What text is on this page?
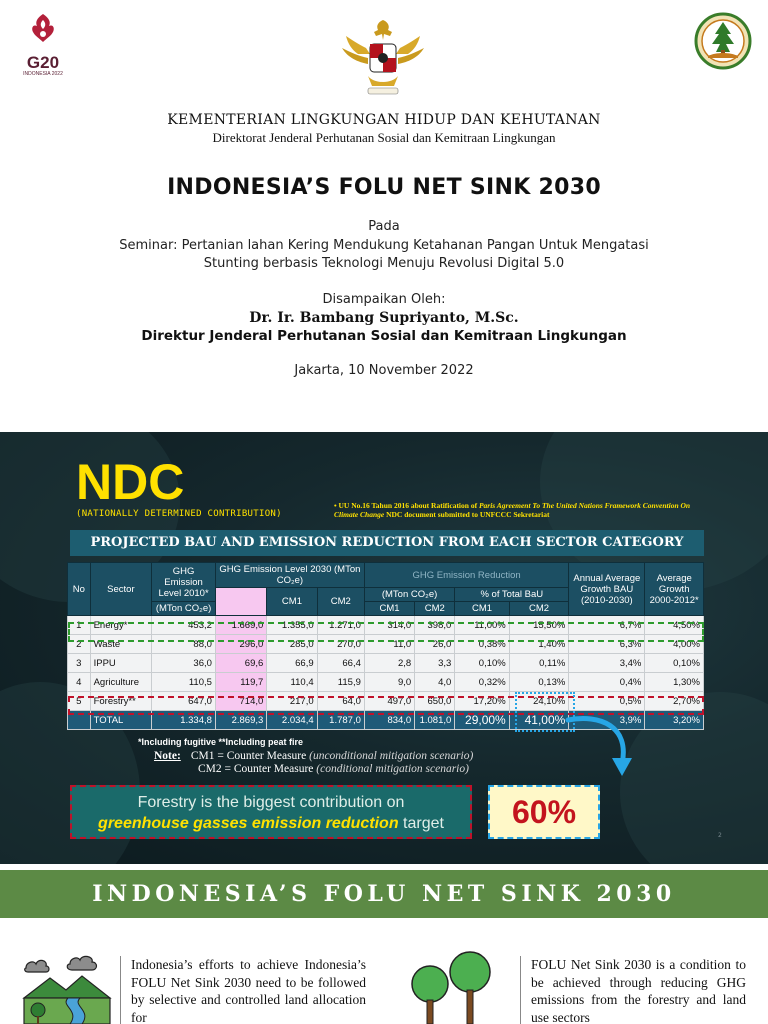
G20
INDONESIA 2022
KEMENTERIAN LINGKUNGAN HIDUP DAN KEHUTANAN
Direktorat Jenderal Perhutanan Sosial dan Kemitraan Lingkungan
INDONESIA’S FOLU NET SINK 2030
Pada
Seminar: Pertanian lahan Kering Mendukung Ketahanan Pangan Untuk Mengatasi
Stunting berbasis Teknologi Menuju Revolusi Digital 5.0
Disampaikan Oleh:
Dr. Ir. Bambang Supriyanto, M.Sc.
Direktur Jenderal Perhutanan Sosial dan Kemitraan Lingkungan
Jakarta, 10 November 2022
NDC
(NATIONALLY DETERMINED CONTRIBUTION)
• UU No.16 Tahun 2016 about Ratification of Paris Agreement To The United Nations Framework Convention On Climate Change NDC document submitted to UNFCCC Sekretariat
PROJECTED BAU AND EMISSION REDUCTION FROM EACH SECTOR CATEGORY
No	Sector	GHG Emission Level 2010*	GHG Emission Level 2030 (MTon CO₂e)			GHG Emission Reduction				Annual Average Growth BAU (2010-2030)	Average Growth 2000-2012*
			BaU	CM1	CM2	(MTon CO₂e)		% of Total BaU			
		(MTon CO₂e)				CM1	CM2	CM1	CM2		
1	Energy*	453,2	1.669,0	1.355,0	1.271,0	314,0	398,0	11,00%	15,50%	6,7%	4,50%
2	Waste	88,0	296,0	285,0	270,0	11,0	26,0	0,38%	1,40%	6,3%	4,00%
3	IPPU	36,0	69,6	66,9	66,4	2,8	3,3	0,10%	0,11%	3,4%	0,10%
4	Agriculture	110,5	119,7	110,4	115,9	9,0	4,0	0,32%	0,13%	0,4%	1,30%
5	Forestry**	647,0	714,0	217,0	64,0	497,0	650,0	17,20%	24,10%	0,5%	2,70%
	TOTAL	1.334,8	2.869,3	2.034,4	1.787,0	834,0	1.081,0	29,00%	41,00%	3,9%	3,20%
*Including fugitive **Including peat fire
Note: CM1 = Counter Measure (unconditional mitigation scenario)
CM2 = Counter Measure (conditional mitigation scenario)
Forestry is the biggest contribution on
greenhouse gasses emission reduction target	60%
2
INDONESIA’S FOLU NET SINK 2030
Indonesia’s efforts to achieve Indonesia’s FOLU Net Sink 2030 need to be followed by selective and controlled land allocation for
FOLU Net Sink 2030 is a condition to be achieved through reducing GHG emissions from the forestry and land use sectors
